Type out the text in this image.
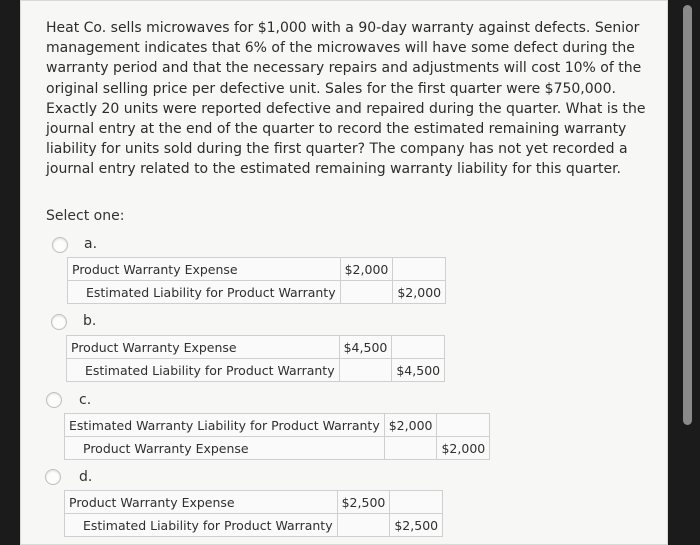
Heat Co. sells microwaves for $1,000 with a 90-day warranty against defects. Senior management indicates that 6% of the microwaves will have some defect during the warranty period and that the necessary repairs and adjustments will cost 10% of the original selling price per defective unit. Sales for the first quarter were $750,000. Exactly 20 units were reported defective and repaired during the quarter. What is the journal entry at the end of the quarter to record the estimated remaining warranty liability for units sold during the first quarter? The company has not yet recorded a journal entry related to the estimated remaining warranty liability for this quarter.
Select one:
a.
Product Warranty Expense	$2,000	
Estimated Liability for Product Warranty		$2,000
b.
Product Warranty Expense	$4,500	
Estimated Liability for Product Warranty		$4,500
c.
Estimated Warranty Liability for Product Warranty	$2,000	
Product Warranty Expense		$2,000
d.
Product Warranty Expense	$2,500	
Estimated Liability for Product Warranty		$2,500
